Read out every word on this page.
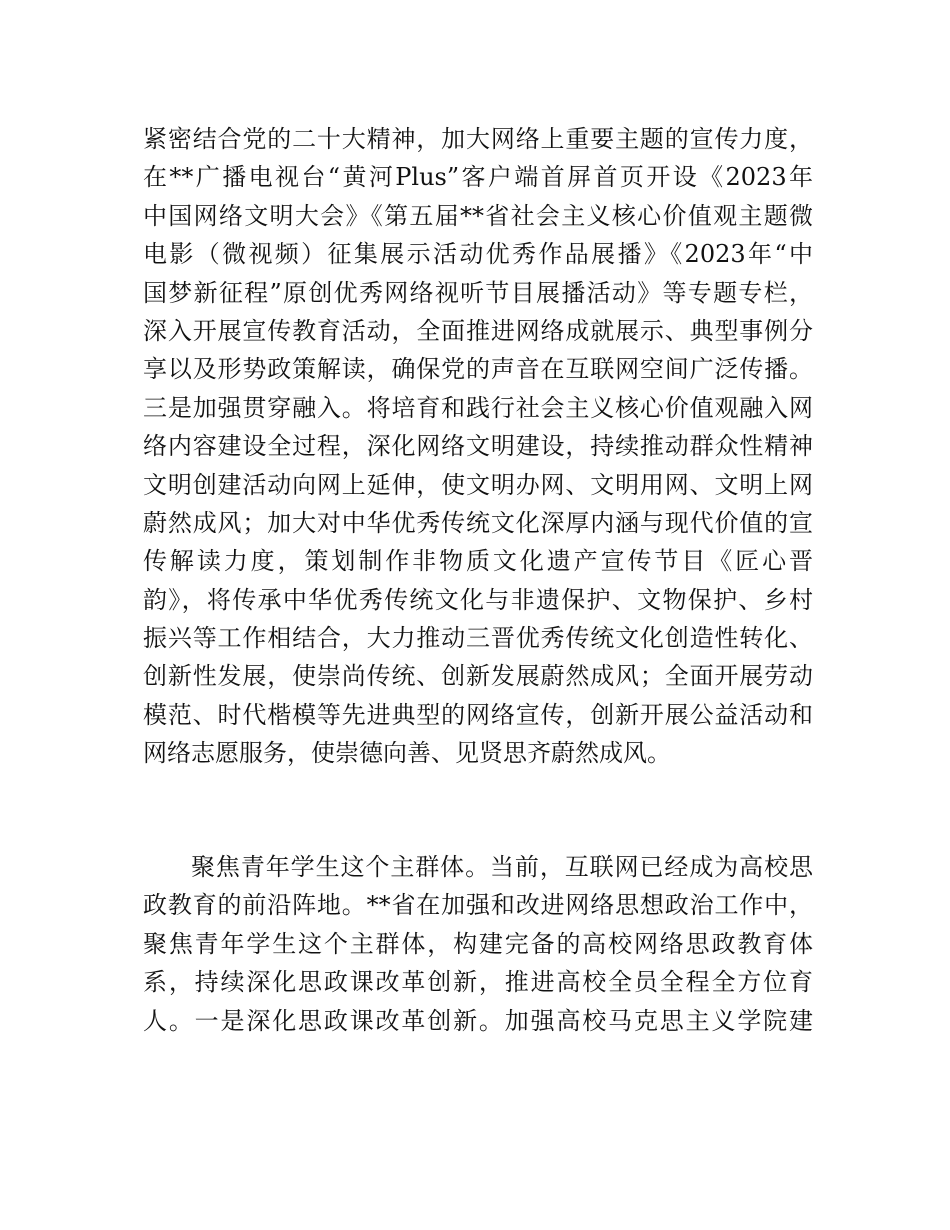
紧密结合党的二十大精神，加大网络上重要主题的宣传力度，
在**广播电视台“黄河Plus”客户端首屏首页开设《2023年
中国网络文明大会》《第五届**省社会主义核心价值观主题微
电影（微视频）征集展示活动优秀作品展播》《2023年“中
国梦新征程”原创优秀网络视听节目展播活动》等专题专栏，
深入开展宣传教育活动，全面推进网络成就展示、典型事例分
享以及形势政策解读，确保党的声音在互联网空间广泛传播。
三是加强贯穿融入。将培育和践行社会主义核心价值观融入网
络内容建设全过程，深化网络文明建设，持续推动群众性精神
文明创建活动向网上延伸，使文明办网、文明用网、文明上网
蔚然成风；加大对中华优秀传统文化深厚内涵与现代价值的宣
传解读力度，策划制作非物质文化遗产宣传节目《匠心晋
韵》，将传承中华优秀传统文化与非遗保护、文物保护、乡村
振兴等工作相结合，大力推动三晋优秀传统文化创造性转化、
创新性发展，使崇尚传统、创新发展蔚然成风；全面开展劳动
模范、时代楷模等先进典型的网络宣传，创新开展公益活动和
网络志愿服务，使崇德向善、见贤思齐蔚然成风。
聚焦青年学生这个主群体。当前，互联网已经成为高校思
政教育的前沿阵地。**省在加强和改进网络思想政治工作中，
聚焦青年学生这个主群体，构建完备的高校网络思政教育体
系，持续深化思政课改革创新，推进高校全员全程全方位育
人。一是深化思政课改革创新。加强高校马克思主义学院建
